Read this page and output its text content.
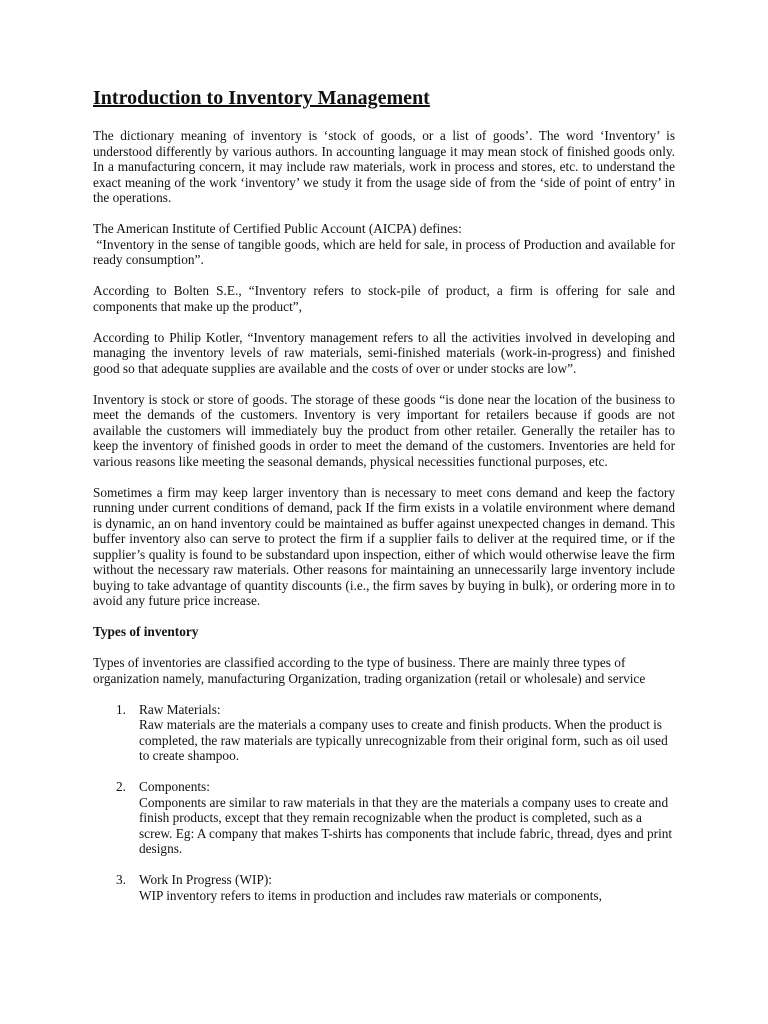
Introduction to Inventory Management

The dictionary meaning of inventory is ‘stock of goods, or a list of goods’. The word ‘Inventory’ is understood differently by various authors. In accounting language it may mean stock of finished goods only. In a manufacturing concern, it may include raw materials, work in process and stores, etc. to understand the exact meaning of the work ‘inventory’ we study it from the usage side of from the ‘side of point of entry’ in the operations.

The American Institute of Certified Public Account (AICPA) defines:

“Inventory in the sense of tangible goods, which are held for sale, in process of Production and available for ready consumption”.

According to Bolten S.E., “Inventory refers to stock-pile of product, a firm is offering for sale and components that make up the product”,

According to Philip Kotler, “Inventory management refers to all the activities involved in developing and managing the inventory levels of raw materials, semi-finished materials (work-in-progress) and finished good so that adequate supplies are available and the costs of over or under stocks are low”.

Inventory is stock or store of goods. The storage of these goods “is done near the location of the business to meet the demands of the customers. Inventory is very important for retailers because if goods are not available the customers will immediately buy the product from other retailer. Generally the retailer has to keep the inventory of finished goods in order to meet the demand of the customers. Inventories are held for various reasons like meeting the seasonal demands, physical necessities functional purposes, etc.

Sometimes a firm may keep larger inventory than is necessary to meet cons demand and keep the factory running under current conditions of demand, pack If the firm exists in a volatile environment where demand is dynamic, an on hand inventory could be maintained as buffer against unexpected changes in demand. This buffer inventory also can serve to protect the firm if a supplier fails to deliver at the required time, or if the supplier’s quality is found to be substandard upon inspection, either of which would otherwise leave the firm without the necessary raw materials. Other reasons for maintaining an unnecessarily large inventory include buying to take advantage of quantity discounts (i.e., the firm saves by buying in bulk), or ordering more in to avoid any future price increase.

Types of inventory

Types of inventories are classified according to the type of business. There are mainly three types of organization namely, manufacturing Organization, trading organization (retail or wholesale) and service

1. Raw Materials:
Raw materials are the materials a company uses to create and finish products. When the product is completed, the raw materials are typically unrecognizable from their original form, such as oil used to create shampoo.
2. Components:
Components are similar to raw materials in that they are the materials a company uses to create and finish products, except that they remain recognizable when the product is completed, such as a screw. Eg: A company that makes T-shirts has components that include fabric, thread, dyes and print designs.
3. Work In Progress (WIP):
WIP inventory refers to items in production and includes raw materials or components,
